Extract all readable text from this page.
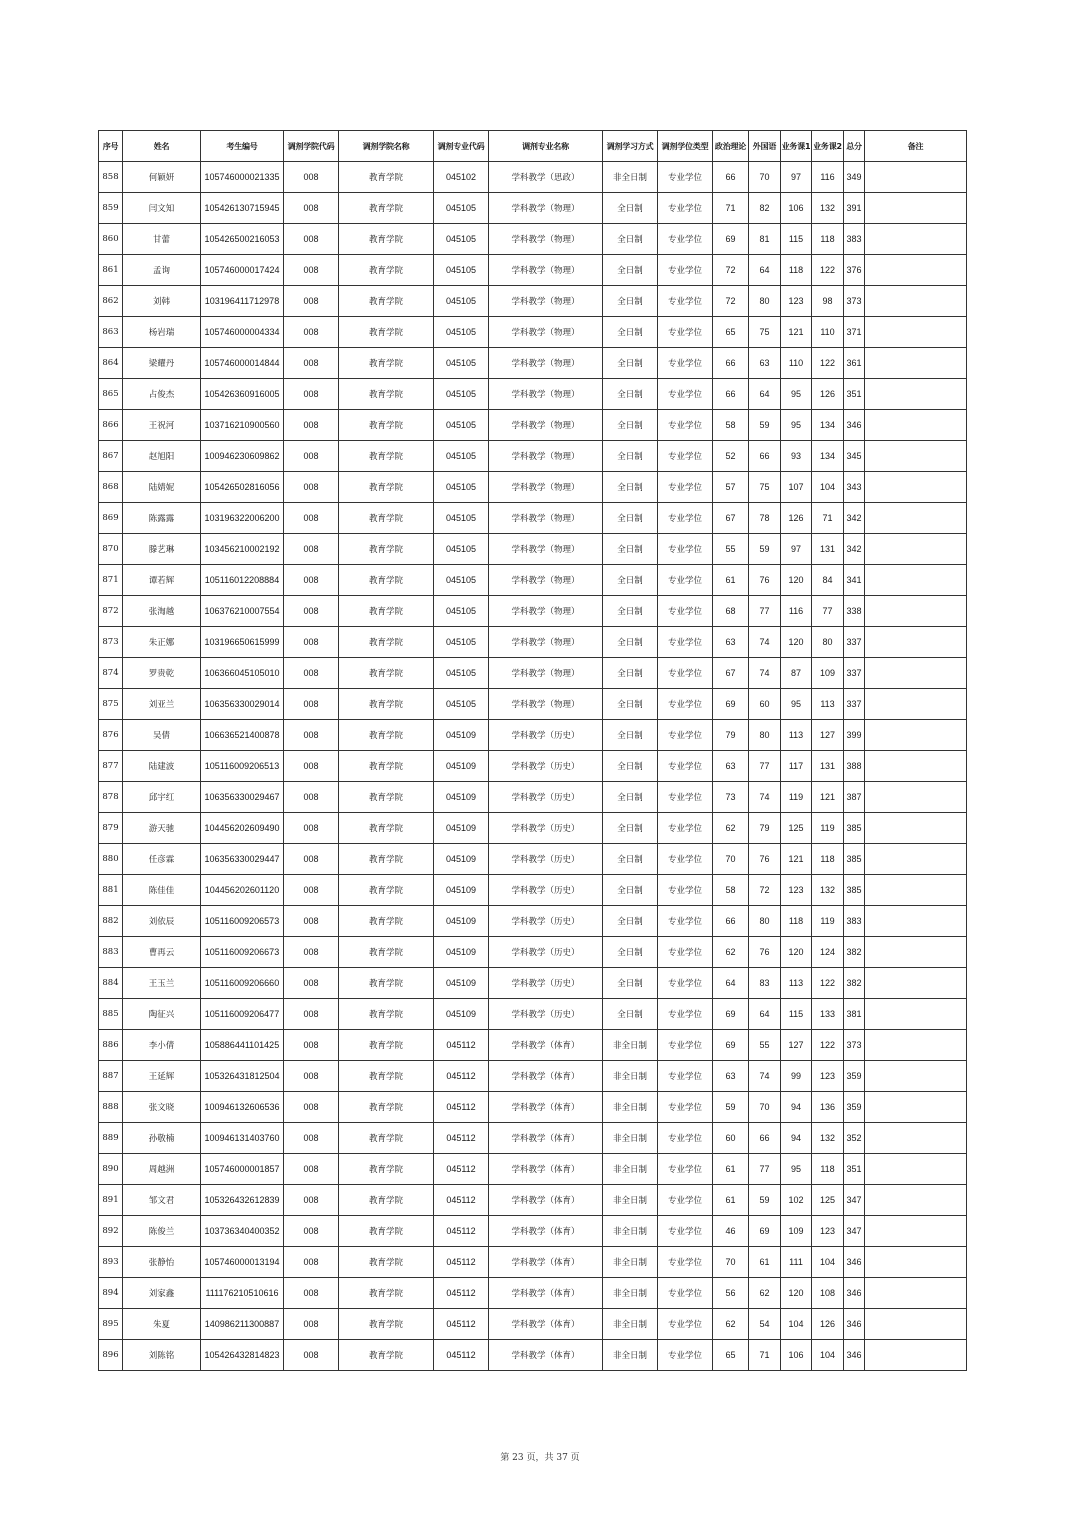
序号	姓名	考生编号	调剂学院代码	调剂学院名称	调剂专业代码	调剂专业名称	调剂学习方式	调剂学位类型	政治理论	外国语	业务课1	业务课2	总分	备注
858	何颖妍	105746000021335	008	教育学院	045102	学科教学（思政）	非全日制	专业学位	66	70	97	116	349	
859	闫文知	105426130715945	008	教育学院	045105	学科教学（物理）	全日制	专业学位	71	82	106	132	391	
860	甘蕾	105426500216053	008	教育学院	045105	学科教学（物理）	全日制	专业学位	69	81	115	118	383	
861	孟询	105746000017424	008	教育学院	045105	学科教学（物理）	全日制	专业学位	72	64	118	122	376	
862	刘韩	103196411712978	008	教育学院	045105	学科教学（物理）	全日制	专业学位	72	80	123	98	373	
863	杨岩瑞	105746000004334	008	教育学院	045105	学科教学（物理）	全日制	专业学位	65	75	121	110	371	
864	梁耀丹	105746000014844	008	教育学院	045105	学科教学（物理）	全日制	专业学位	66	63	110	122	361	
865	占俊杰	105426360916005	008	教育学院	045105	学科教学（物理）	全日制	专业学位	66	64	95	126	351	
866	王祝河	103716210900560	008	教育学院	045105	学科教学（物理）	全日制	专业学位	58	59	95	134	346	
867	赵旭阳	100946230609862	008	教育学院	045105	学科教学（物理）	全日制	专业学位	52	66	93	134	345	
868	陆婧妮	105426502816056	008	教育学院	045105	学科教学（物理）	全日制	专业学位	57	75	107	104	343	
869	陈露露	103196322006200	008	教育学院	045105	学科教学（物理）	全日制	专业学位	67	78	126	71	342	
870	滕艺琳	103456210002192	008	教育学院	045105	学科教学（物理）	全日制	专业学位	55	59	97	131	342	
871	谭若辉	105116012208884	008	教育学院	045105	学科教学（物理）	全日制	专业学位	61	76	120	84	341	
872	张淘越	106376210007554	008	教育学院	045105	学科教学（物理）	全日制	专业学位	68	77	116	77	338	
873	朱正娜	103196650615999	008	教育学院	045105	学科教学（物理）	全日制	专业学位	63	74	120	80	337	
874	罗贵乾	106366045105010	008	教育学院	045105	学科教学（物理）	全日制	专业学位	67	74	87	109	337	
875	刘亚兰	106356330029014	008	教育学院	045105	学科教学（物理）	全日制	专业学位	69	60	95	113	337	
876	吴倩	106636521400878	008	教育学院	045109	学科教学（历史）	全日制	专业学位	79	80	113	127	399	
877	陆建波	105116009206513	008	教育学院	045109	学科教学（历史）	全日制	专业学位	63	77	117	131	388	
878	邱宇红	106356330029467	008	教育学院	045109	学科教学（历史）	全日制	专业学位	73	74	119	121	387	
879	游天驰	104456202609490	008	教育学院	045109	学科教学（历史）	全日制	专业学位	62	79	125	119	385	
880	任彦霖	106356330029447	008	教育学院	045109	学科教学（历史）	全日制	专业学位	70	76	121	118	385	
881	陈佳佳	104456202601120	008	教育学院	045109	学科教学（历史）	全日制	专业学位	58	72	123	132	385	
882	刘依辰	105116009206573	008	教育学院	045109	学科教学（历史）	全日制	专业学位	66	80	118	119	383	
883	曹再云	105116009206673	008	教育学院	045109	学科教学（历史）	全日制	专业学位	62	76	120	124	382	
884	王玉兰	105116009206660	008	教育学院	045109	学科教学（历史）	全日制	专业学位	64	83	113	122	382	
885	陶征兴	105116009206477	008	教育学院	045109	学科教学（历史）	全日制	专业学位	69	64	115	133	381	
886	李小倩	105886441101425	008	教育学院	045112	学科教学（体育）	非全日制	专业学位	69	55	127	122	373	
887	王延辉	105326431812504	008	教育学院	045112	学科教学（体育）	非全日制	专业学位	63	74	99	123	359	
888	张文晓	100946132606536	008	教育学院	045112	学科教学（体育）	非全日制	专业学位	59	70	94	136	359	
889	孙敬楠	100946131403760	008	教育学院	045112	学科教学（体育）	非全日制	专业学位	60	66	94	132	352	
890	周越洲	105746000001857	008	教育学院	045112	学科教学（体育）	非全日制	专业学位	61	77	95	118	351	
891	邹文君	105326432612839	008	教育学院	045112	学科教学（体育）	非全日制	专业学位	61	59	102	125	347	
892	陈俊兰	103736340400352	008	教育学院	045112	学科教学（体育）	非全日制	专业学位	46	69	109	123	347	
893	张静怡	105746000013194	008	教育学院	045112	学科教学（体育）	非全日制	专业学位	70	61	111	104	346	
894	刘家鑫	111176210510616	008	教育学院	045112	学科教学（体育）	非全日制	专业学位	56	62	120	108	346	
895	朱夏	140986211300887	008	教育学院	045112	学科教学（体育）	非全日制	专业学位	62	54	104	126	346	
896	刘陈铭	105426432814823	008	教育学院	045112	学科教学（体育）	非全日制	专业学位	65	71	106	104	346	
第 23 页，共 37 页
